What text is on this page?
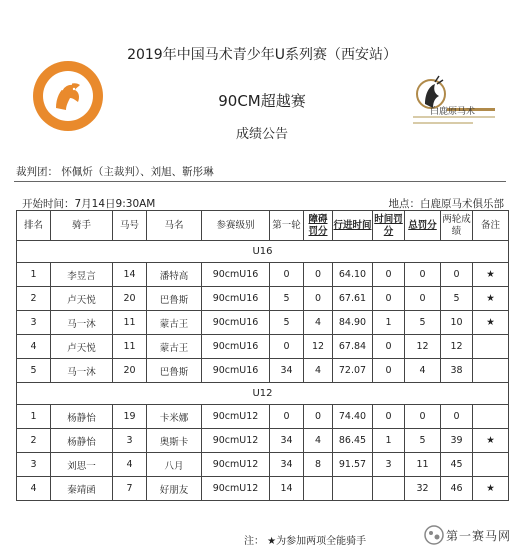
2019年中国马术青少年U系列赛（西安站）
90CM超越赛
成绩公告
白鹿原马术
裁判团： 怀佩炘（主裁判）、刘旭、靳彤琳
开始时间：7月14日9:30AM	地点：白鹿原马术俱乐部
排名	骑手	马号	马名	参赛级别	第一轮	障碍罚分	行进时间	时间罚分	总罚分	两轮成绩	备注
U16											
1	李昱言	14	潘特高	90cmU16	0	0	64.10	0	0	0	★
2	卢天悦	20	巴鲁斯	90cmU16	5	0	67.61	0	0	5	★
3	马一沐	11	蒙古王	90cmU16	5	4	84.90	1	5	10	★
4	卢天悦	11	蒙古王	90cmU16	0	12	67.84	0	12	12	
5	马一沐	20	巴鲁斯	90cmU16	34	4	72.07	0	4	38	
U12											
1	杨静怡	19	卡米娜	90cmU12	0	0	74.40	0	0	0	
2	杨静怡	3	奥斯卡	90cmU12	34	4	86.45	1	5	39	★
3	刘思一	4	八月	90cmU12	34	8	91.57	3	11	45	
4	秦靖函	7	好朋友	90cmU12	14				32	46	★
注： ★为参加两项全能骑手	第一赛马网
